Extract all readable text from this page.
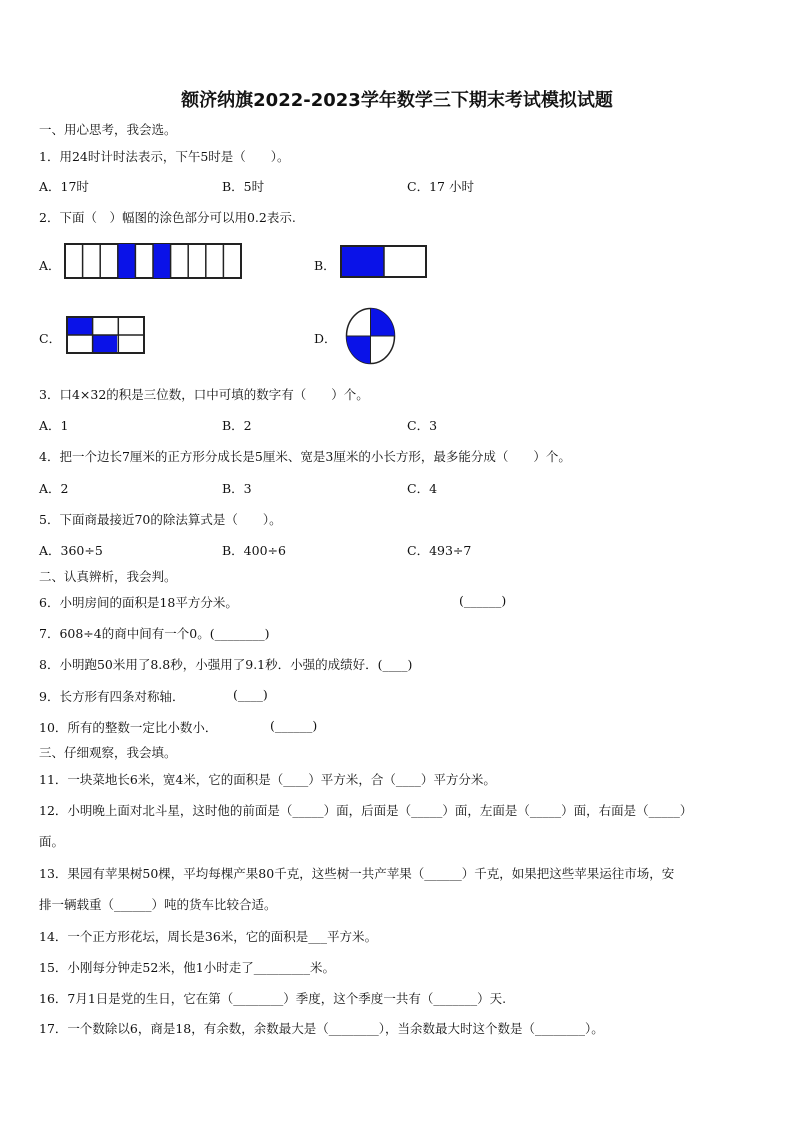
额济纳旗2022-2023学年数学三下期末考试模拟试题
一、用心思考，我会选。
1．用24时计时法表示，下午5时是（　　）。
A．17时	B．5时	C．17 小时
2．下面（　）幅图的涂色部分可以用0.2表示.
A．	B．
C．	D．
3．口4×32的积是三位数，口中可填的数字有（　　）个。
A．1	B．2	C．3
4．把一个边长7厘米的正方形分成长是5厘米、宽是3厘米的小长方形，最多能分成（　　）个。
A．2	B．3	C．4
5．下面商最接近70的除法算式是（　　）。
A．360÷5	B．400÷6	C．493÷7
二、认真辨析，我会判。
6．小明房间的面积是18平方分米。	(______)
7．608÷4的商中间有一个0。(________)
8．小明跑50米用了8.8秒，小强用了9.1秒．小强的成绩好．(____)
9．长方形有四条对称轴．	(____)
10．所有的整数一定比小数小．	(______)
三、仔细观察，我会填。
11．一块菜地长6米，宽4米，它的面积是（____）平方米，合（____）平方分米。
12．小明晚上面对北斗星，这时他的前面是（_____）面，后面是（_____）面，左面是（_____）面，右面是（_____）
面。
13．果园有苹果树50棵，平均每棵产果80千克，这些树一共产苹果（______）千克，如果把这些苹果运往市场，安
排一辆载重（______）吨的货车比较合适。
14．一个正方形花坛，周长是36米，它的面积是___平方米。
15．小刚每分钟走52米，他1小时走了_________米。
16．7月1日是党的生日，它在第（________）季度，这个季度一共有（_______）天.
17．一个数除以6，商是18，有余数，余数最大是（________），当余数最大时这个数是（________）。
